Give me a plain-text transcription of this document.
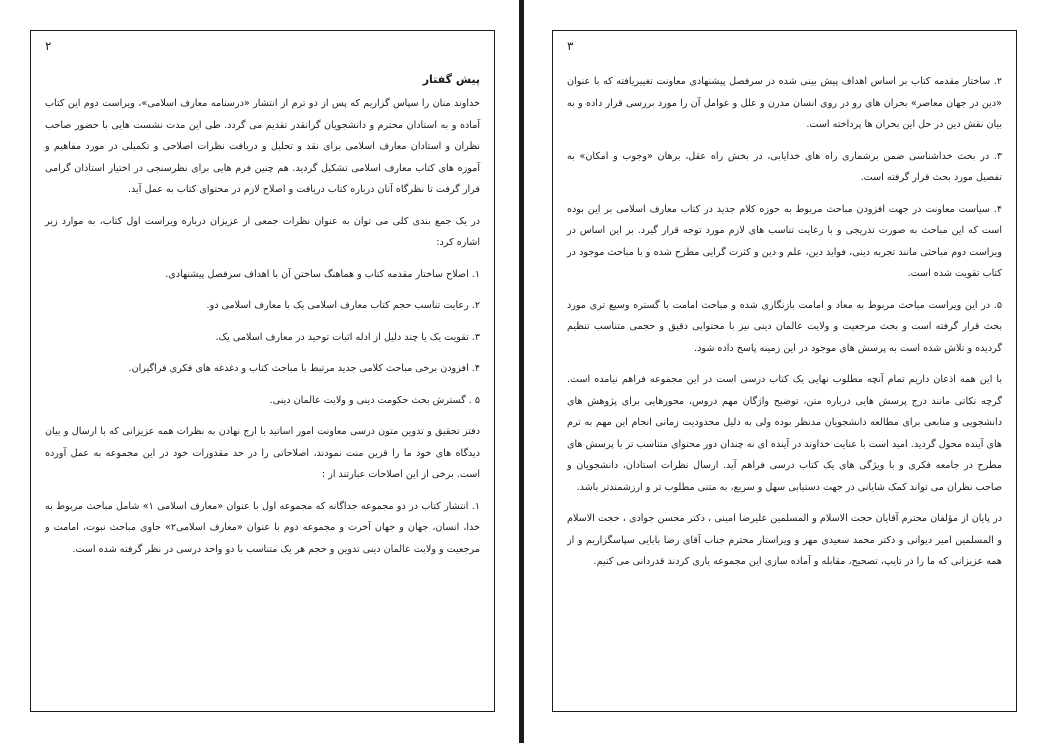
۲
پیش گفتار

خداوند منان را سپاس گزاریم که پس از دو ترم از انتشار «درسنامه معارف اسلامی»، ویراست دوم این کتاب آماده و به استادان محترم و دانشجویان گرانقدر تقدیم می گردد. طی این مدت نشست هایی با حضور صاحب نظران و استادان معارف اسلامی برای نقد و تحلیل و دریافت نظرات اصلاحی و تکمیلی در مورد مفاهیم و آموزه های کتاب معارف اسلامی تشکیل گردید. هم چنین فرم هایی برای نظرسنجی در اختیار استادان گرامی قرار گرفت تا نظرگاه آنان درباره کتاب دریافت و اصلاح لازم در محتوای کتاب به عمل آید.

در یک جمع بندی کلی می توان به عنوان نظرات جمعی از عزیزان درباره ویراست اول کتاب، به موارد زیر اشاره کرد:

۱. اصلاح ساختار مقدمه کتاب و هماهنگ ساختن آن با اهداف سرفصل پیشنهادی.

۲. رعایت تناسب حجم کتاب معارف اسلامی یک با معارف اسلامی دو.

۳. تقویت یک یا چند دلیل از ادله اثبات توحید در معارف اسلامی یک.

۴. افزودن برخی مباحث کلامی جدید مرتبط با مباحث کتاب و دغدغه های فکری فراگیران.

۵ . گسترش بحث حکومت دینی و ولایت عالمان دینی.

دفتر تحقیق و تدوین متون درسی معاونت امور اساتید با ارج نهادن به نظرات همه عزیزانی که با ارسال و بیان دیدگاه های خود ما را قرین منت نمودند، اصلاحاتی را در حد مقدورات خود در این مجموعه به عمل آورده است. برخی از این اصلاحات عبارتند از :

۱. انتشار کتاب در دو مجموعه جداگانه که مجموعه اول با عنوان «معارف اسلامی ۱» شامل مباحث مربوط به خدا، انسان، جهان و جهان آخرت و مجموعه دوم با عنوان «معارف اسلامی۲» حاوی مباحث نبوت، امامت و مرجعیت و ولایت عالمان دینی تدوین و حجم هر یک متناسب با دو واحد درسی در نظر گرفته شده است.

۳

۲. ساختار مقدمه کتاب بر اساس اهداف پیش بینی شده در سرفصل پیشنهادی معاونت تغییریافته که با عنوان «دین در جهان معاصر» بحران های رو در روی انسان مدرن و علل و عوامل آن را مورد بررسی قرار داده و به بیان نقش دین در حل این بحران ها پرداخته است.

۳. در بحث خداشناسی ضمن برشماری راه های خدایابی، در بخش راه عقل، برهان «وجوب و امکان» به تفصیل مورد بحث قرار گرفته است.

۴. سیاست معاونت در جهت افزودن مباحث مربوط به حوزه کلام جدید در کتاب معارف اسلامی بر این بوده است که این مباحث به صورت تدریجی و با رعایت تناسب های لازم مورد توجه قرار گیرد. بر این اساس در ویراست دوم مباحثی مانند تجربه دینی، فواید دین، علم و دین و کثرت گرایی مطرح شده و با مباحث موجود در کتاب تقویت شده است.

۵. در این ویراست مباحث مربوط به معاد و امامت بازنگاری شده و مباحث امامت با گستره وسیع تری مورد بحث قرار گرفته است و بحث مرجعیت و ولایت عالمان دینی نیز با محتوایی دقیق و حجمی متناسب تنظیم گردیده و تلاش شده است به پرسش های موجود در این زمینه پاسخ داده شود.

با این همه اذعان داریم تمام آنچه مطلوب نهایی یک کتاب درسی است در این مجموعه فراهم نیامده است. گرچه نکاتی مانند درج پرسش هایی درباره متن، توضیح واژگان مهم دروس، محورهایی برای پژوهش های دانشجویی و منابعی برای مطالعه دانشجویان مدنظر بوده ولی به دلیل محدودیت زمانی انجام این مهم به ترم های آینده محول گردید. امید است با عنایت خداوند در آینده ای نه چندان دور محتوای متناسب تر با پرسش های مطرح در جامعه فکری و با ویژگی های یک کتاب درسی فراهم آید. ارسال نظرات استادان، دانشجویان و صاحب نظران می تواند کمک شایانی در جهت دستیابی سهل و سریع، به متنی مطلوب تر و ارزشمندتر باشد.

در پایان از مؤلفان محترم آقایان حجت الاسلام و المسلمین علیرضا امینی ، دکتر محسن جوادی ، حجت الاسلام و المسلمین امیر دیوانی و دکتر محمد سعیدی مهر و ویراستار محترم جناب آقای رضا بابایی سپاسگزاریم و از همه عزیزانی که ما را در تایپ، تصحیح، مقابله و آماده سازی این مجموعه یاری کردند قدردانی می کنیم.
